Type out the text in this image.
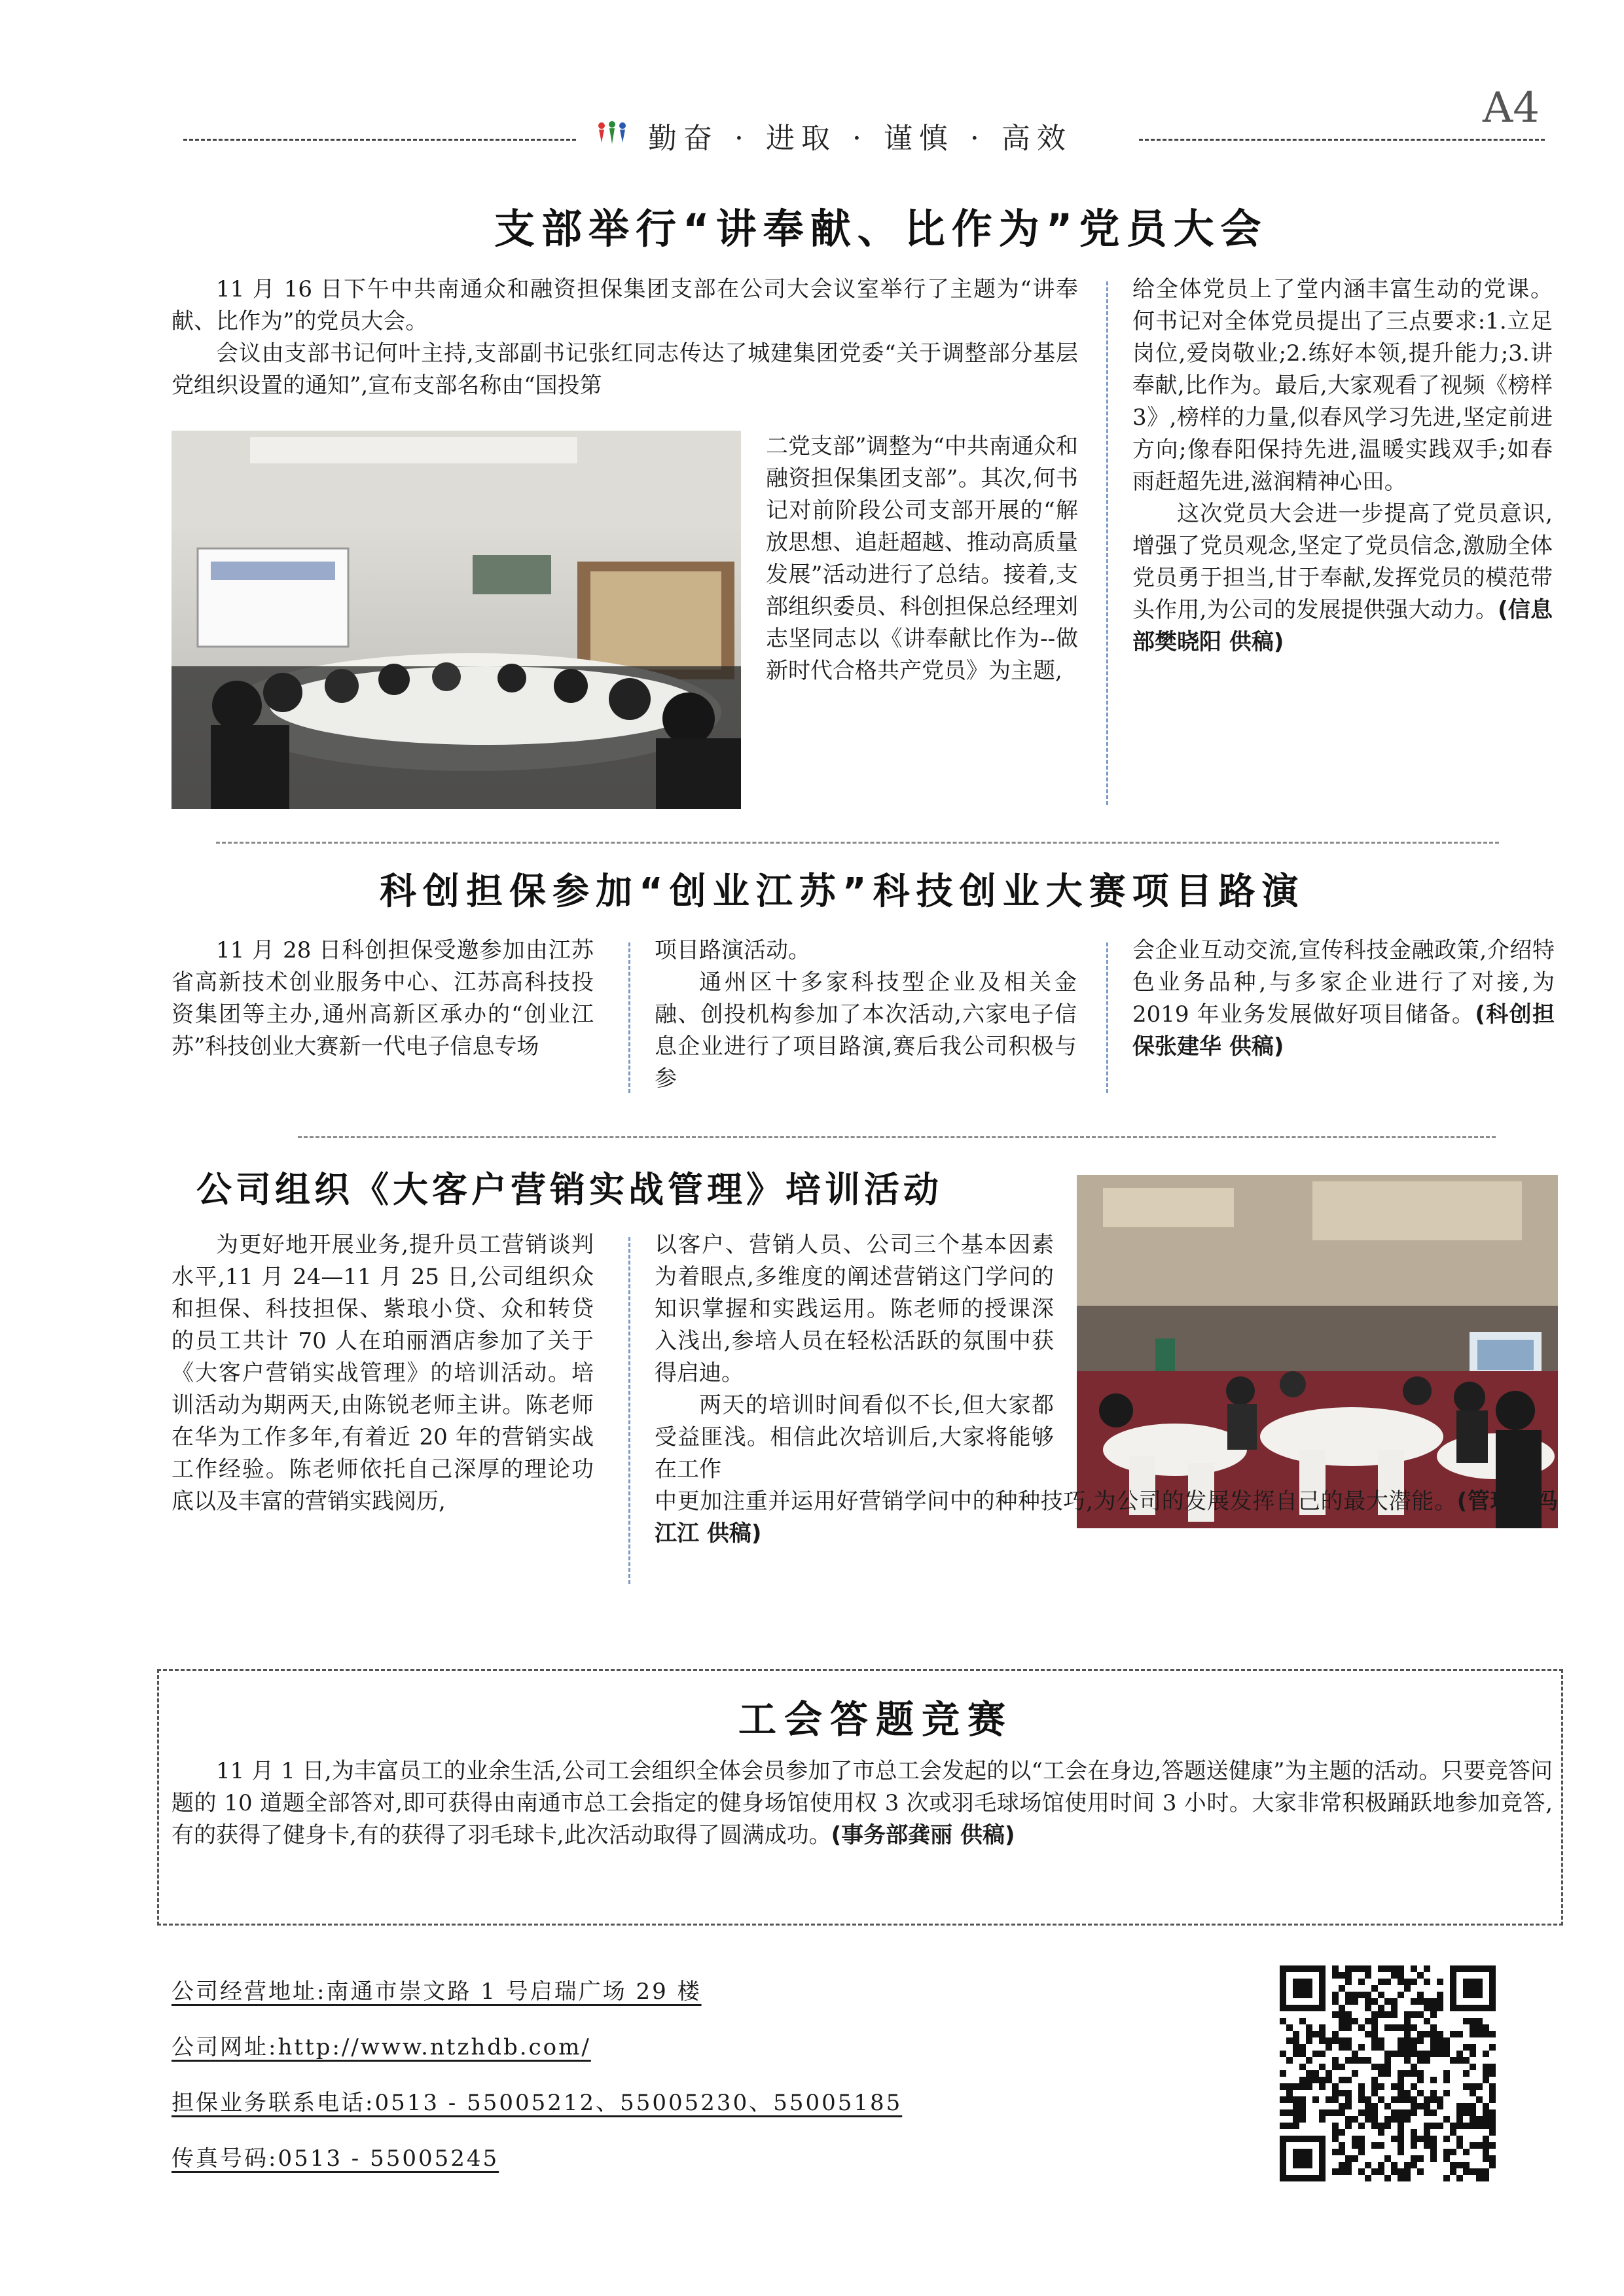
勤奋 · 进取 · 谨慎 · 高效
A4
支部举行“讲奉献、比作为”党员大会

11 月 16 日下午中共南通众和融资担保集团支部在公司大会议室举行了主题为“讲奉献、比作为”的党员大会。

会议由支部书记何叶主持,支部副书记张红同志传达了城建集团党委“关于调整部分基层党组织设置的通知”,宣布支部名称由“国投第

二党支部”调整为“中共南通众和融资担保集团支部”。其次,何书记对前阶段公司支部开展的“解放思想、追赶超越、推动高质量发展”活动进行了总结。接着,支部组织委员、科创担保总经理刘志坚同志以《讲奉献比作为--做新时代合格共产党员》为主题,

给全体党员上了堂内涵丰富生动的党课。何书记对全体党员提出了三点要求:1.立足岗位,爱岗敬业;2.练好本领,提升能力;3.讲奉献,比作为。最后,大家观看了视频《榜样 3》,榜样的力量,似春风学习先进,坚定前进方向;像春阳保持先进,温暖实践双手;如春雨赶超先进,滋润精神心田。

这次党员大会进一步提高了党员意识,增强了党员观念,坚定了党员信念,激励全体党员勇于担当,甘于奉献,发挥党员的模范带头作用,为公司的发展提供强大动力。(信息部樊晓阳 供稿)

科创担保参加“创业江苏”科技创业大赛项目路演
11 月 28 日科创担保受邀参加由江苏省高新技术创业服务中心、江苏高科技投资集团等主办,通州高新区承办的“创业江苏”科技创业大赛新一代电子信息专场

项目路演活动。

通州区十多家科技型企业及相关金融、创投机构参加了本次活动,六家电子信息企业进行了项目路演,赛后我公司积极与参

会企业互动交流,宣传科技金融政策,介绍特色业务品种,与多家企业进行了对接,为 2019 年业务发展做好项目储备。(科创担保张建华 供稿)
公司组织《大客户营销实战管理》培训活动
为更好地开展业务,提升员工营销谈判水平,11 月 24—11 月 25 日,公司组织众和担保、科技担保、紫琅小贷、众和转贷的员工共计 70 人在珀丽酒店参加了关于《大客户营销实战管理》的培训活动。培训活动为期两天,由陈锐老师主讲。陈老师在华为工作多年,有着近 20 年的营销实战工作经验。陈老师依托自己深厚的理论功底以及丰富的营销实践阅历,

以客户、营销人员、公司三个基本因素为着眼点,多维度的阐述营销这门学问的知识掌握和实践运用。陈老师的授课深入浅出,参培人员在轻松活跃的氛围中获得启迪。

两天的培训时间看似不长,但大家都受益匪浅。相信此次培训后,大家将能够在工作

中更加注重并运用好营销学问中的种种技巧,为公司的发展发挥自己的最大潜能。(管理部冯江江 供稿)
工会答题竞赛
11 月 1 日,为丰富员工的业余生活,公司工会组织全体会员参加了市总工会发起的以“工会在身边,答题送健康”为主题的活动。只要竞答问题的 10 道题全部答对,即可获得由南通市总工会指定的健身场馆使用权 3 次或羽毛球场馆使用时间 3 小时。大家非常积极踊跃地参加竞答,有的获得了健身卡,有的获得了羽毛球卡,此次活动取得了圆满成功。(事务部龚丽 供稿)
公司经营地址:南通市崇文路 1 号启瑞广场 29 楼
公司网址:http://www.ntzhdb.com/
担保业务联系电话:0513 - 55005212、55005230、55005185
传真号码:0513 - 55005245
